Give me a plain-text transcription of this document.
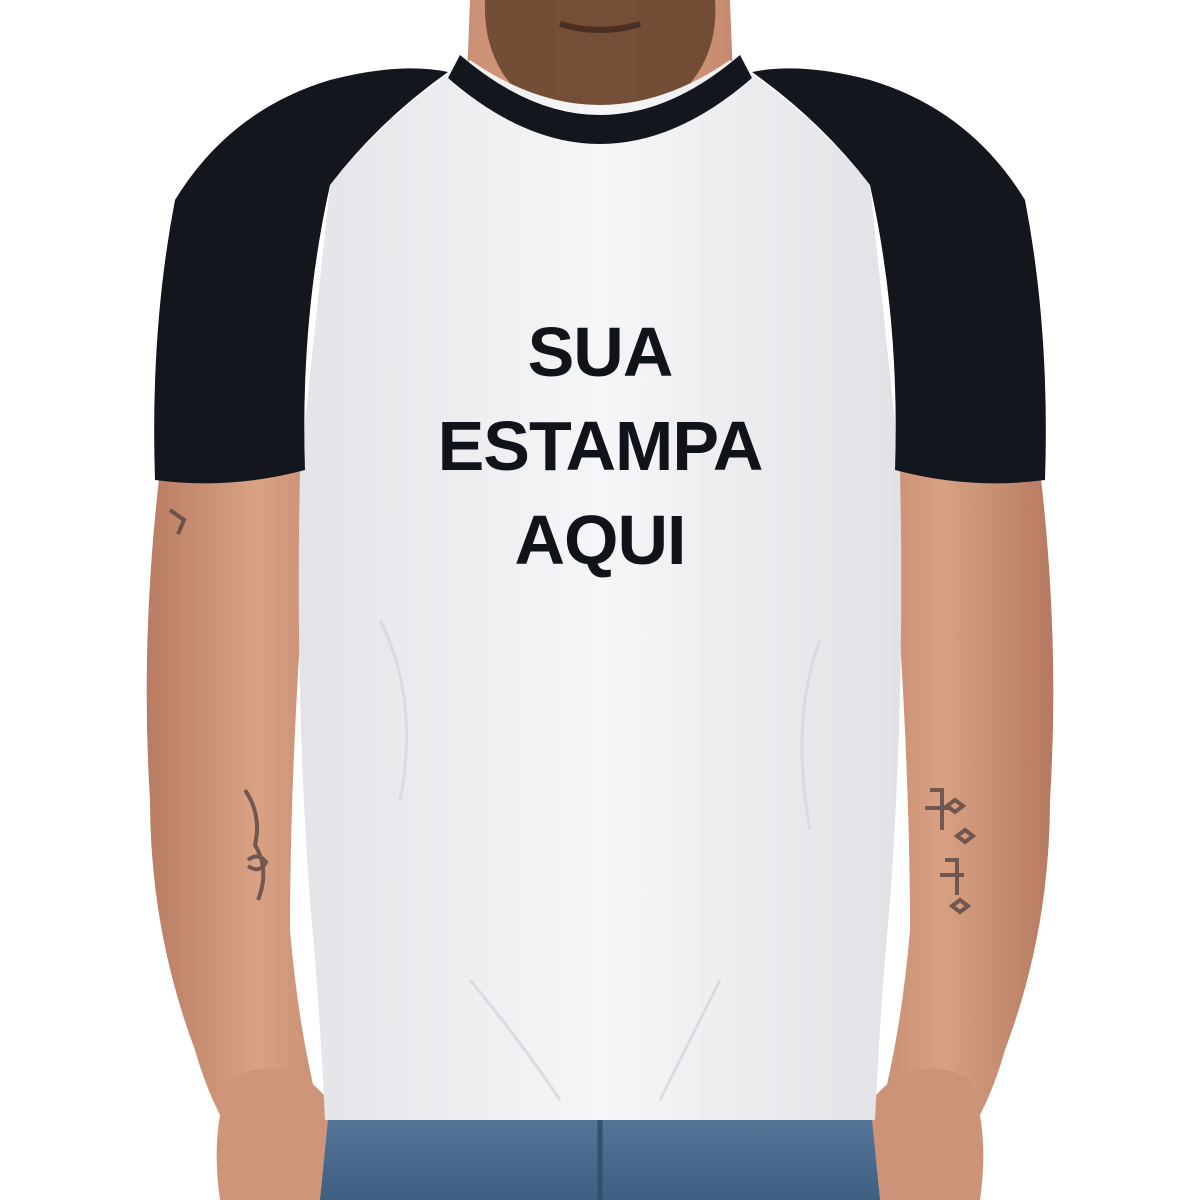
SUA
ESTAMPA
AQUI
